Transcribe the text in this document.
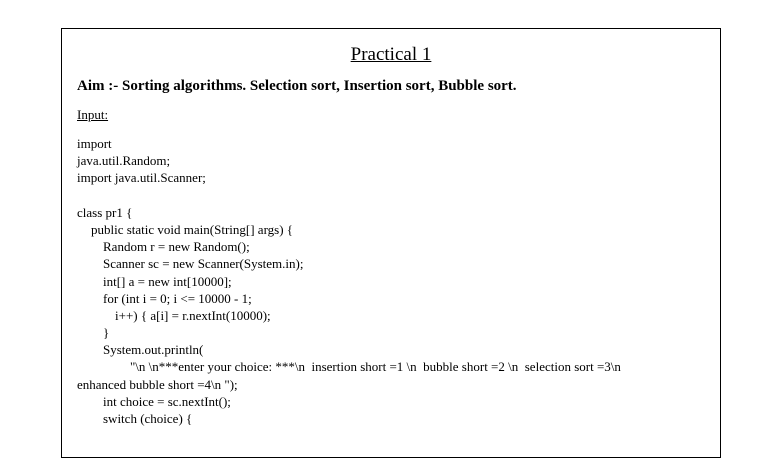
Practical 1
Aim :- Sorting algorithms. Selection sort, Insertion sort, Bubble sort.
Input:
import
java.util.Random;
import java.util.Scanner;
class pr1 {
public static void main(String[] args) {
Random r = new Random();
Scanner sc = new Scanner(System.in);
int[] a = new int[10000];
for (int i = 0; i <= 10000 - 1;
i++) { a[i] = r.nextInt(10000);
}
System.out.println(
"\n \n***enter your choice: ***\n  insertion short =1 \n  bubble short =2 \n  selection sort =3\n
enhanced bubble short =4\n ");
int choice = sc.nextInt();
switch (choice) {
